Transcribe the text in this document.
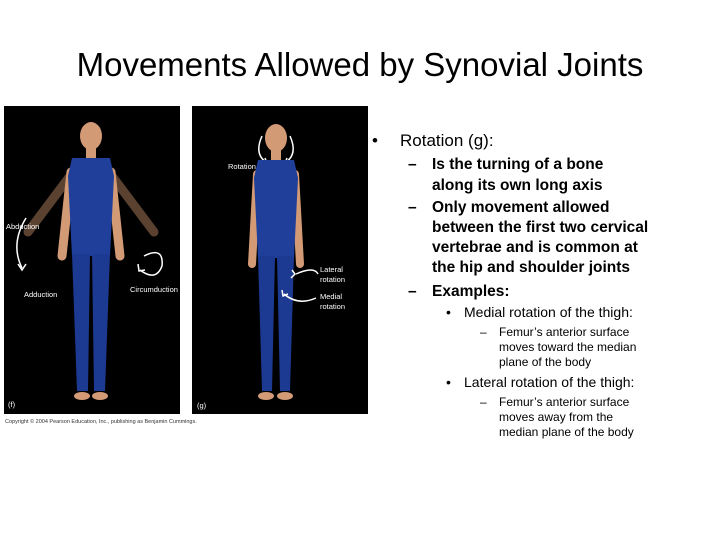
Movements Allowed by Synovial Joints
Abduction
Adduction
Circumduction
(f)
Rotation
Lateral
rotation
Medial
rotation
(g)
Copyright © 2004 Pearson Education, Inc., publishing as Benjamin Cummings.
• Rotation (g):
– Is the turning of a bone
along its own long axis
– Only movement allowed
between the first two cervical
vertebrae and is common at
the hip and shoulder joints
– Examples:
• Medial rotation of the thigh:
– Femur’s anterior surface
moves toward the median
plane of the body
• Lateral rotation of the thigh:
– Femur’s anterior surface
moves away from the
median plane of the body
